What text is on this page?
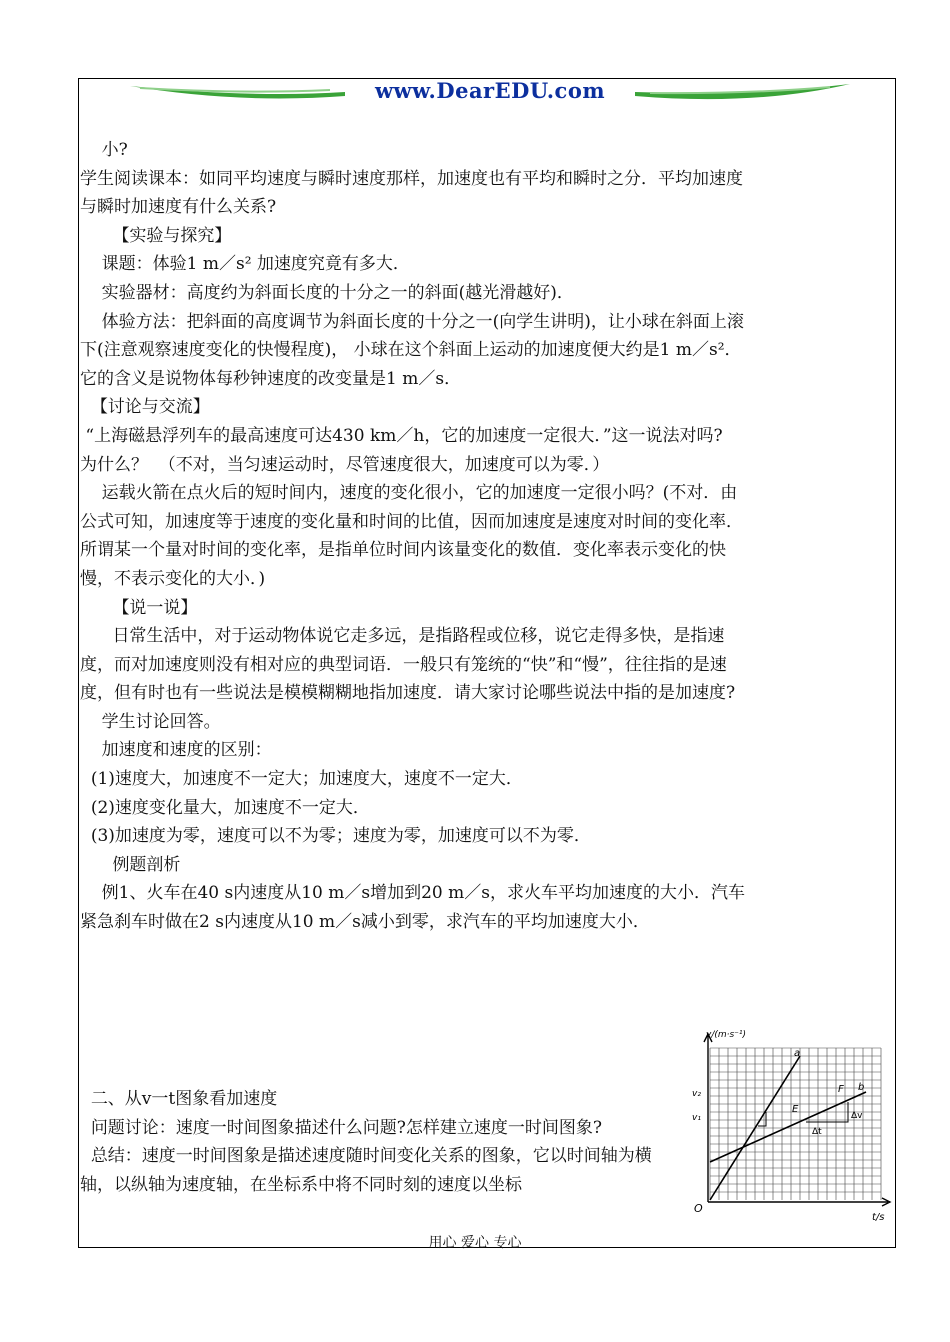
www.DearEDU.com

小?

学生阅读课本：如同平均速度与瞬时速度那样，加速度也有平均和瞬时之分．平均加速度与瞬时加速度有什么关系?

【实验与探究】

课题：体验1 m／s² 加速度究竟有多大．

实验器材：高度约为斜面长度的十分之一的斜面(越光滑越好)．

体验方法：把斜面的高度调节为斜面长度的十分之一(向学生讲明)，让小球在斜面上滚下(注意观察速度变化的快慢程度)， 小球在这个斜面上运动的加速度便大约是1 m／s²．它的含义是说物体每秒钟速度的改变量是1 m／s．

【讨论与交流】

“上海磁悬浮列车的最高速度可达430 km／h，它的加速度一定很大．”这一说法对吗?

为什么？  （不对，当匀速运动时，尽管速度很大，加速度可以为零．）

运载火箭在点火后的短时间内，速度的变化很小，它的加速度一定很小吗？(不对．由公式可知，加速度等于速度的变化量和时间的比值，因而加速度是速度对时间的变化率．所谓某一个量对时间的变化率，是指单位时间内该量变化的数值．变化率表示变化的快慢，不表示变化的大小．)

【说一说】

日常生活中，对于运动物体说它走多远，是指路程或位移，说它走得多快，是指速度，而对加速度则没有相对应的典型词语．一般只有笼统的“快”和“慢”，往往指的是速度，但有时也有一些说法是模模糊糊地指加速度．请大家讨论哪些说法中指的是加速度?

学生讨论回答。

加速度和速度的区别：

(1)速度大，加速度不一定大；加速度大，速度不一定大．

(2)速度变化量大，加速度不一定大．

(3)加速度为零，速度可以不为零；速度为零，加速度可以不为零．

例题剖析

例1、火车在40 s内速度从10 m／s增加到20 m／s，求火车平均加速度的大小．汽车紧急刹车时做在2 s内速度从10 m／s减小到零，求汽车的平均加速度大小．

二、从v一t图象看加速度

问题讨论：速度一时间图象描述什么问题?怎样建立速度一时间图象?

总结：速度一时间图象是描述速度随时间变化关系的图象，它以时间轴为横轴，以纵轴为速度轴，在坐标系中将不同时刻的速度以坐标

v/(m·s⁻¹)
t/s
O
v₁
v₂
a
b
E
F
Δv
Δt
用心 爱心 专心
